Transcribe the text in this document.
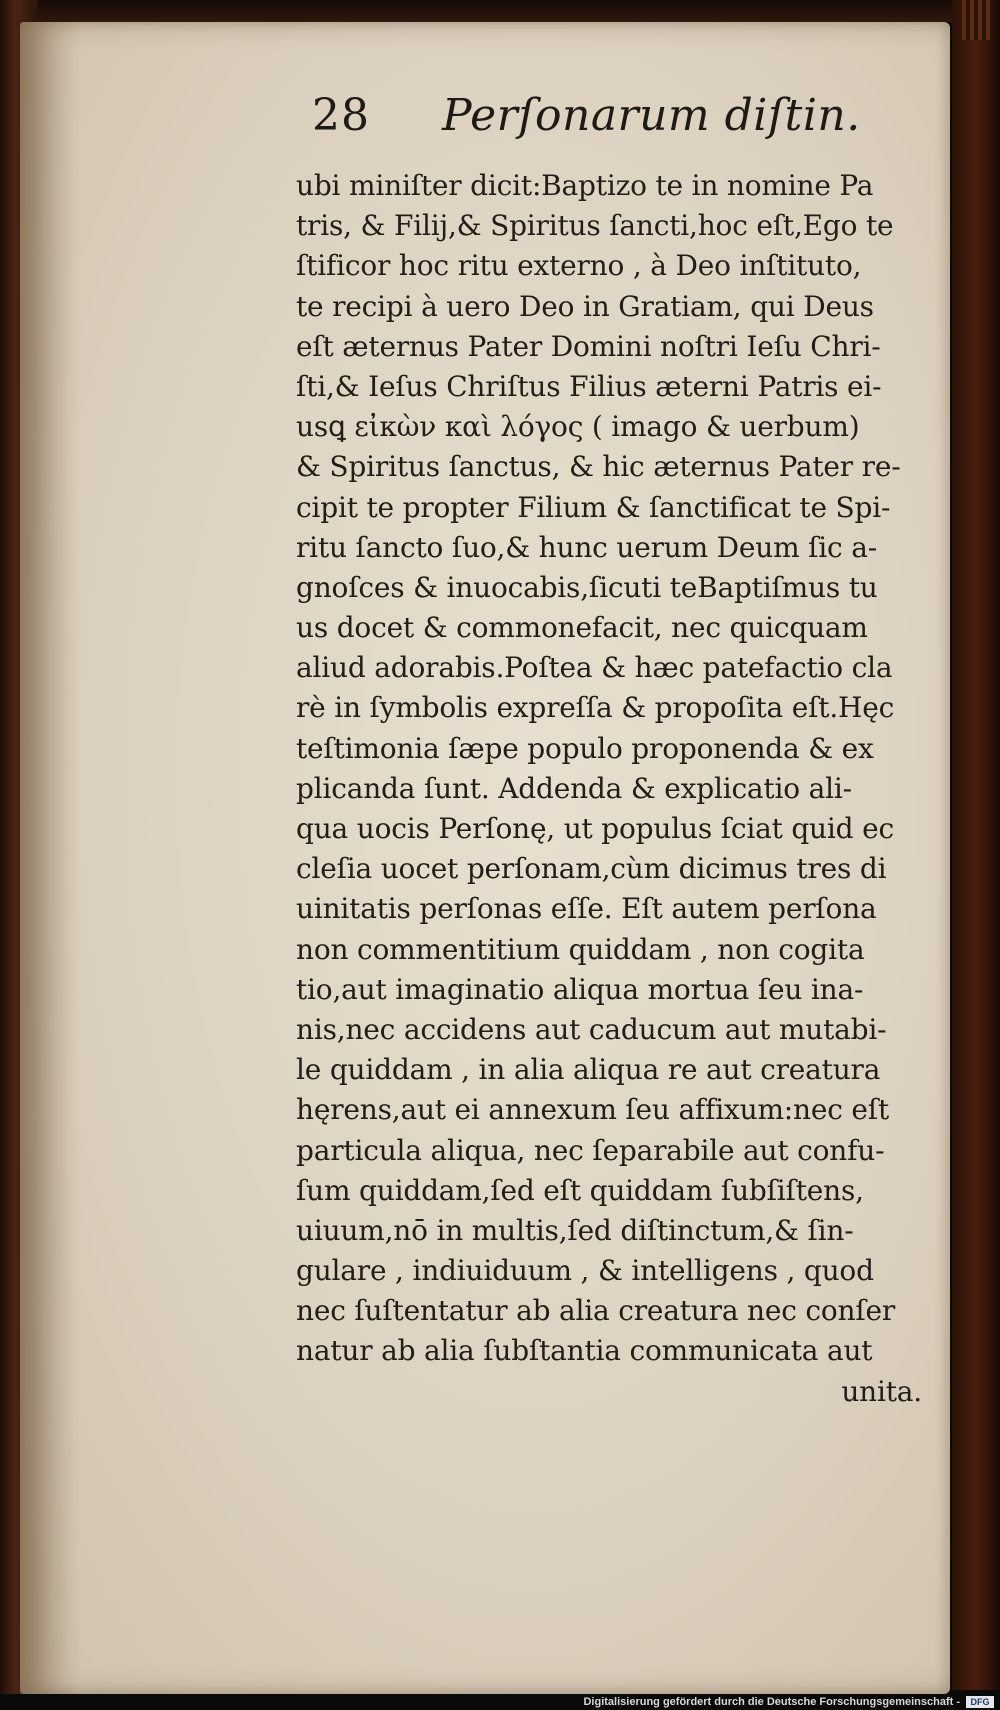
28 Perſonarum diſtin.
ubi miniſter dicit:Baptizo te in nomine Pa
tris, & Filij,& Spiritus ſancti,hoc eſt,Ego te
ſtificor hoc ritu externo , à Deo inſtituto,
te recipi à uero Deo in Gratiam, qui Deus
eſt æternus Pater Domini noſtri Ieſu Chri-
ſti,& Ieſus Chriſtus Filius æterni Patris ei-
usꝗ εἰκὼν καὶ λόγος ( imago & uerbum)
& Spiritus ſanctus, & hic æternus Pater re-
cipit te propter Filium & ſanctificat te Spi-
ritu ſancto ſuo,& hunc uerum Deum ſic a-
gnoſces & inuocabis,ſicuti teBaptiſmus tu
us docet & commonefacit, nec quicquam
aliud adorabis.Poſtea & hæc patefactio cla
rè in ſymbolis expreſſa & propoſita eſt.Hęc
teſtimonia ſæpe populo proponenda & ex
plicanda ſunt. Addenda & explicatio ali-
qua uocis Perſonę, ut populus ſciat quid ec
cleſia uocet perſonam,cùm dicimus tres di
uinitatis perſonas eſſe. Eſt autem perſona
non commentitium quiddam , non cogita
tio,aut imaginatio aliqua mortua ſeu ina-
nis,nec accidens aut caducum aut mutabi-
le quiddam , in alia aliqua re aut creatura
hęrens,aut ei annexum ſeu affixum:nec eſt
particula aliqua, nec ſeparabile aut confu-
ſum quiddam,ſed eſt quiddam ſubſiſtens,
uiuum,nō in multis,ſed diſtinctum,& ſin-
gulare , indiuiduum , & intelligens , quod
nec ſuſtentatur ab alia creatura nec conſer
natur ab alia ſubſtantia communicata aut
unita.
Digitalisierung gefördert durch die Deutsche Forschungsgemeinschaft -	DFG
